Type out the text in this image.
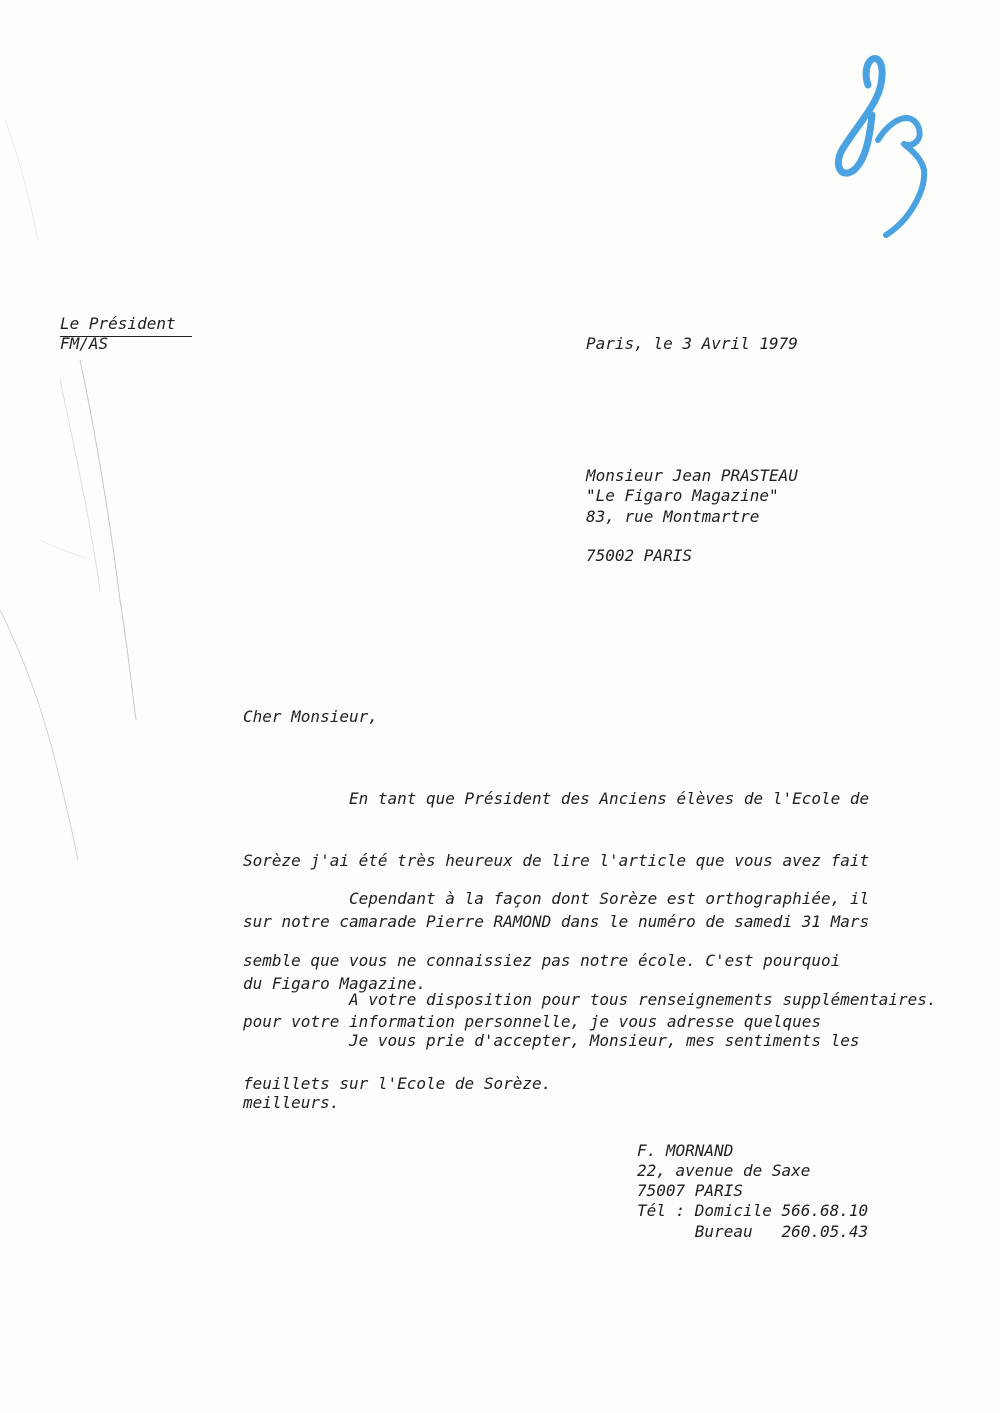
Le Président
FM/AS	Paris, le 3 Avril 1979
Monsieur Jean PRASTEAU
"Le Figaro Magazine"
83, rue Montmartre
75002 PARIS
Cher Monsieur,

En tant que Président des Anciens élèves de l'Ecole de

Sorèze j'ai été très heureux de lire l'article que vous avez fait

sur notre camarade Pierre RAMOND dans le numéro de samedi 31 Mars

du Figaro Magazine.

Cependant à la façon dont Sorèze est orthographiée, il

semble que vous ne connaissiez pas notre école. C'est pourquoi

pour votre information personnelle, je vous adresse quelques

feuillets sur l'Ecole de Sorèze.

A votre disposition pour tous renseignements supplémentaires.

Je vous prie d'accepter, Monsieur, mes sentiments les

meilleurs.

F. MORNAND
22, avenue de Saxe
75007 PARIS
Tél : Domicile 566.68.10
Bureau   260.05.43
